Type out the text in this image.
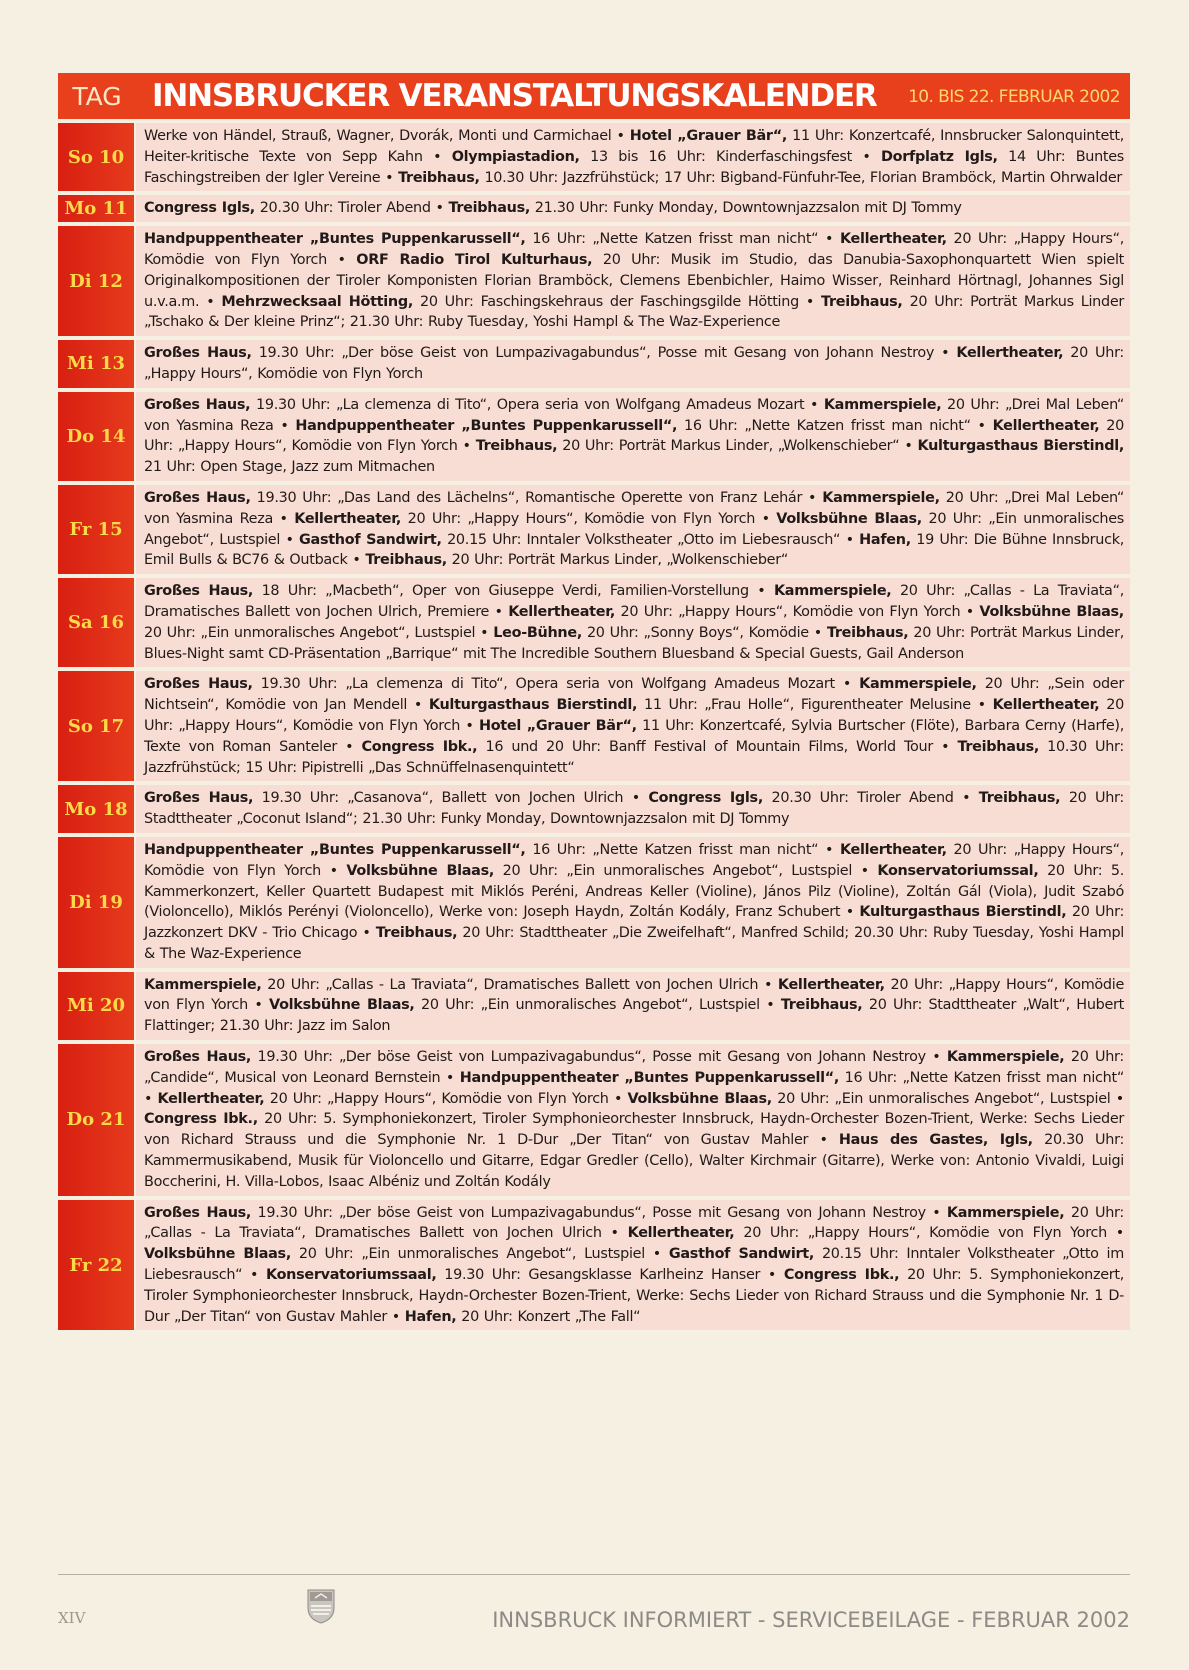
TAG INNSBRUCKER VERANSTALTUNGSKALENDER 10. BIS 22. FEBRUAR 2002
So 10
Werke von Händel, Strauß, Wagner, Dvorák, Monti und Carmichael • Hotel „Grauer Bär“, 11 Uhr: Konzertcafé, Innsbrucker Salonquintett, Heiter-kritische Texte von Sepp Kahn • Olympiastadion, 13 bis 16 Uhr: Kinderfaschingsfest • Dorfplatz Igls, 14 Uhr: Buntes Faschingstreiben der Igler Vereine • Treibhaus, 10.30 Uhr: Jazzfrühstück; 17 Uhr: Bigband-Fünfuhr-Tee, Florian Bramböck, Martin Ohrwalder
Mo 11	Congress Igls, 20.30 Uhr: Tiroler Abend • Treibhaus, 21.30 Uhr: Funky Monday, Downtownjazzsalon mit DJ Tommy
Di 12
Handpuppentheater „Buntes Puppenkarussell“, 16 Uhr: „Nette Katzen frisst man nicht“ • Kellertheater, 20 Uhr: „Happy Hours“, Komödie von Flyn Yorch • ORF Radio Tirol Kulturhaus, 20 Uhr: Musik im Studio, das Danubia-Saxophonquartett Wien spielt Originalkompositionen der Tiroler Komponisten Florian Bramböck, Clemens Ebenbichler, Haimo Wisser, Reinhard Hörtnagl, Johannes Sigl u.v.a.m. • Mehrzwecksaal Hötting, 20 Uhr: Faschingskehraus der Faschingsgilde Hötting • Treibhaus, 20 Uhr: Porträt Markus Linder „Tschako & Der kleine Prinz“; 21.30 Uhr: Ruby Tuesday, Yoshi Hampl & The Waz-Experience
Mi 13
Großes Haus, 19.30 Uhr: „Der böse Geist von Lumpazivagabundus“, Posse mit Gesang von Johann Nestroy • Kellertheater, 20 Uhr: „Happy Hours“, Komödie von Flyn Yorch
Do 14
Großes Haus, 19.30 Uhr: „La clemenza di Tito“, Opera seria von Wolfgang Amadeus Mozart • Kammerspiele, 20 Uhr: „Drei Mal Leben“ von Yasmina Reza • Handpuppentheater „Buntes Puppenkarussell“, 16 Uhr: „Nette Katzen frisst man nicht“ • Kellertheater, 20 Uhr: „Happy Hours“, Komödie von Flyn Yorch • Treibhaus, 20 Uhr: Porträt Markus Linder, „Wolkenschieber“ • Kulturgasthaus Bierstindl, 21 Uhr: Open Stage, Jazz zum Mitmachen
Fr 15
Großes Haus, 19.30 Uhr: „Das Land des Lächelns“, Romantische Operette von Franz Lehár • Kammerspiele, 20 Uhr: „Drei Mal Leben“ von Yasmina Reza • Kellertheater, 20 Uhr: „Happy Hours“, Komödie von Flyn Yorch • Volksbühne Blaas, 20 Uhr: „Ein unmoralisches Angebot“, Lustspiel • Gasthof Sandwirt, 20.15 Uhr: Inntaler Volkstheater „Otto im Liebesrausch“ • Hafen, 19 Uhr: Die Bühne Innsbruck, Emil Bulls & BC76 & Outback • Treibhaus, 20 Uhr: Porträt Markus Linder, „Wolkenschieber“
Sa 16
Großes Haus, 18 Uhr: „Macbeth“, Oper von Giuseppe Verdi, Familien-Vorstellung • Kammerspiele, 20 Uhr: „Callas - La Traviata“, Dramatisches Ballett von Jochen Ulrich, Premiere • Kellertheater, 20 Uhr: „Happy Hours“, Komödie von Flyn Yorch • Volksbühne Blaas, 20 Uhr: „Ein unmoralisches Angebot“, Lustspiel • Leo-Bühne, 20 Uhr: „Sonny Boys“, Komödie • Treibhaus, 20 Uhr: Porträt Markus Linder, Blues-Night samt CD-Präsentation „Barrique“ mit The Incredible Southern Bluesband & Special Guests, Gail Anderson
So 17
Großes Haus, 19.30 Uhr: „La clemenza di Tito“, Opera seria von Wolfgang Amadeus Mozart • Kammerspiele, 20 Uhr: „Sein oder Nichtsein“, Komödie von Jan Mendell • Kulturgasthaus Bierstindl, 11 Uhr: „Frau Holle“, Figurentheater Melusine • Kellertheater, 20 Uhr: „Happy Hours“, Komödie von Flyn Yorch • Hotel „Grauer Bär“, 11 Uhr: Konzertcafé, Sylvia Burtscher (Flöte), Barbara Cerny (Harfe), Texte von Roman Santeler • Congress Ibk., 16 und 20 Uhr: Banff Festival of Mountain Films, World Tour • Treibhaus, 10.30 Uhr: Jazzfrühstück; 15 Uhr: Pipistrelli „Das Schnüffelnasenquintett“
Mo 18
Großes Haus, 19.30 Uhr: „Casanova“, Ballett von Jochen Ulrich • Congress Igls, 20.30 Uhr: Tiroler Abend • Treibhaus, 20 Uhr: Stadttheater „Coconut Island“; 21.30 Uhr: Funky Monday, Downtownjazzsalon mit DJ Tommy
Di 19
Handpuppentheater „Buntes Puppenkarussell“, 16 Uhr: „Nette Katzen frisst man nicht“ • Kellertheater, 20 Uhr: „Happy Hours“, Komödie von Flyn Yorch • Volksbühne Blaas, 20 Uhr: „Ein unmoralisches Angebot“, Lustspiel • Konservatoriumssal, 20 Uhr: 5. Kammerkonzert, Keller Quartett Budapest mit Miklós Peréni, Andreas Keller (Violine), János Pilz (Violine), Zoltán Gál (Viola), Judit Szabó (Violoncello), Miklós Perényi (Violoncello), Werke von: Joseph Haydn, Zoltán Kodály, Franz Schubert • Kulturgasthaus Bierstindl, 20 Uhr: Jazzkonzert DKV - Trio Chicago • Treibhaus, 20 Uhr: Stadttheater „Die Zweifelhaft“, Manfred Schild; 20.30 Uhr: Ruby Tuesday, Yoshi Hampl & The Waz-Experience
Mi 20
Kammerspiele, 20 Uhr: „Callas - La Traviata“, Dramatisches Ballett von Jochen Ulrich • Kellertheater, 20 Uhr: „Happy Hours“, Komödie von Flyn Yorch • Volksbühne Blaas, 20 Uhr: „Ein unmoralisches Angebot“, Lustspiel • Treibhaus, 20 Uhr: Stadttheater „Walt“, Hubert Flattinger; 21.30 Uhr: Jazz im Salon
Do 21
Großes Haus, 19.30 Uhr: „Der böse Geist von Lumpazivagabundus“, Posse mit Gesang von Johann Nestroy • Kammerspiele, 20 Uhr: „Candide“, Musical von Leonard Bernstein • Handpuppentheater „Buntes Puppenkarussell“, 16 Uhr: „Nette Katzen frisst man nicht“ • Kellertheater, 20 Uhr: „Happy Hours“, Komödie von Flyn Yorch • Volksbühne Blaas, 20 Uhr: „Ein unmoralisches Angebot“, Lustspiel • Congress Ibk., 20 Uhr: 5. Symphoniekonzert, Tiroler Symphonieorchester Innsbruck, Haydn-Orchester Bozen-Trient, Werke: Sechs Lieder von Richard Strauss und die Symphonie Nr. 1 D-Dur „Der Titan“ von Gustav Mahler • Haus des Gastes, Igls, 20.30 Uhr: Kammermusikabend, Musik für Violoncello und Gitarre, Edgar Gredler (Cello), Walter Kirchmair (Gitarre), Werke von: Antonio Vivaldi, Luigi Boccherini, H. Villa-Lobos, Isaac Albéniz und Zoltán Kodály
Fr 22
Großes Haus, 19.30 Uhr: „Der böse Geist von Lumpazivagabundus“, Posse mit Gesang von Johann Nestroy • Kammerspiele, 20 Uhr: „Callas - La Traviata“, Dramatisches Ballett von Jochen Ulrich • Kellertheater, 20 Uhr: „Happy Hours“, Komödie von Flyn Yorch • Volksbühne Blaas, 20 Uhr: „Ein unmoralisches Angebot“, Lustspiel • Gasthof Sandwirt, 20.15 Uhr: Inntaler Volkstheater „Otto im Liebesrausch“ • Konservatoriumssaal, 19.30 Uhr: Gesangsklasse Karlheinz Hanser • Congress Ibk., 20 Uhr: 5. Symphoniekonzert, Tiroler Symphonieorchester Innsbruck, Haydn-Orchester Bozen-Trient, Werke: Sechs Lieder von Richard Strauss und die Symphonie Nr. 1 D-Dur „Der Titan“ von Gustav Mahler • Hafen, 20 Uhr: Konzert „The Fall“
XIV	INNSBRUCK INFORMIERT - SERVICEBEILAGE - FEBRUAR 2002
